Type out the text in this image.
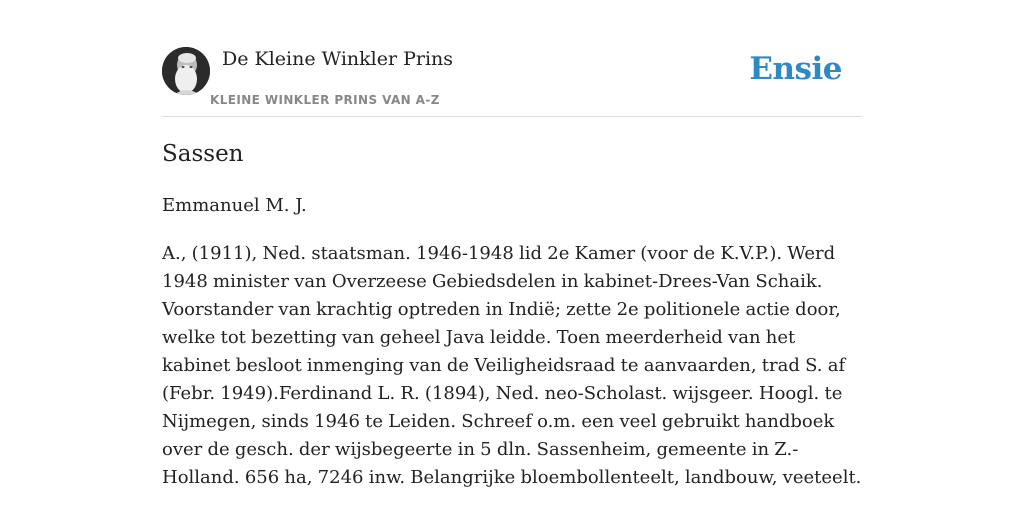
De Kleine Winkler Prins
KLEINE WINKLER PRINS VAN A-Z
Ensie
Sassen

Emmanuel M. J.

A., (1911), Ned. staatsman. 1946-1948 lid 2e Kamer (voor de K.V.P.). Werd 1948 minister van Overzeese Gebiedsdelen in kabinet-Drees-Van Schaik. Voorstander van krachtig optreden in Indië; zette 2e politionele actie door, welke tot bezetting van geheel Java leidde. Toen meerderheid van het kabinet besloot inmenging van de Veiligheidsraad te aanvaarden, trad S. af (Febr. 1949).Ferdinand L. R. (1894), Ned. neo-Scholast. wijsgeer. Hoogl. te Nijmegen, sinds 1946 te Leiden. Schreef o.m. een veel gebruikt handboek over de gesch. der wijsbegeerte in 5 dln. Sassenheim, gemeente in Z.-Holland. 656 ha, 7246 inw. Belangrijke bloembollenteelt, landbouw, veeteelt.
